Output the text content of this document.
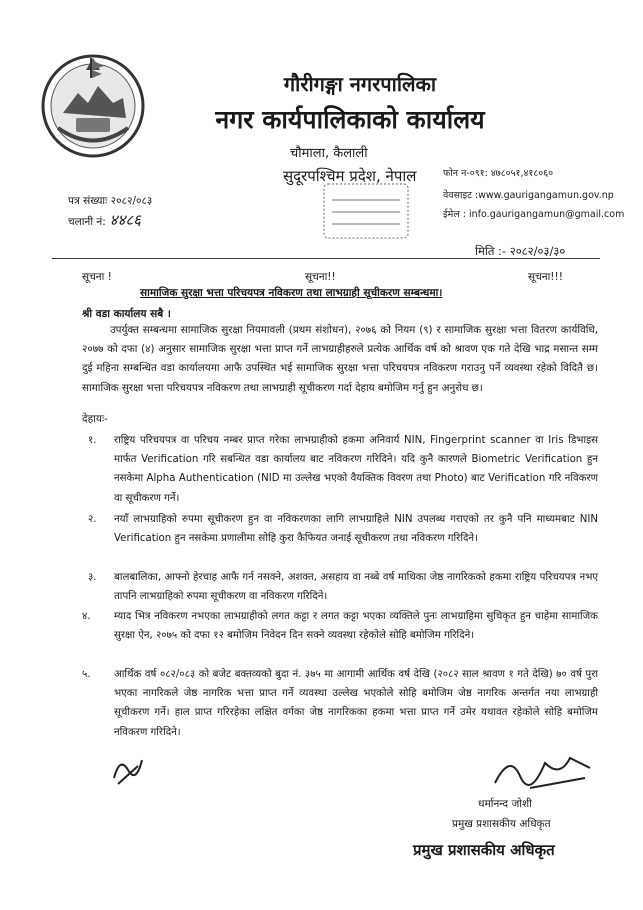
गौरीगङ्गा नगरपालिका
नगर कार्यपालिकाको कार्यालय
चौमाला, कैलाली
सुदूरपश्चिम प्रदेश, नेपाल	फोन न-०९१: ४७८०५१,४१८०६०
वेवसाइट :www.gaurigangamun.gov.np
ईमेल : info.gaurigangamun@gmail.com
पत्र संख्याः २०८२/०८३
चलानी नं: ४४८६
मिति :- २०८२/०३/३०
सूचना !	सूचना!!	सूचना!!!
सामाजिक सुरक्षा भत्ता परिचयपत्र नविकरण तथा लाभग्राही सूचीकरण सम्बन्धमा।
श्री वडा कार्यालय सबै ।
उपर्युक्त सम्बन्धमा सामाजिक सुरक्षा नियमावली (प्रथम संशोधन), २०७६ को नियम (९) र सामाजिक सुरक्षा भत्ता वितरण कार्यविधि, २०७७ को दफा (४) अनुसार सामाजिक सुरक्षा भत्ता प्राप्त गर्ने लाभग्राहीहरुले प्रत्येक आर्थिक वर्ष को श्रावण एक गते देखि भाद्र मसान्त सम्म दुई महिना सम्बन्धित वडा कार्यालयमा आफै उपस्थित भई सामाजिक सुरक्षा भत्ता परिचयपत्र नविकरण गराउनु पर्ने व्यवस्था रहेको विदितै छ। सामाजिक सुरक्षा भत्ता परिचयपत्र नविकरण तथा लाभग्राही सूचीकरण गर्दा देहाय बमोजिम गर्नु हुन अनुरोध छ।
देहायः-
१.	राष्ट्रिय परिचयपत्र वा परिचय नम्बर प्राप्त गरेका लाभग्राहीको हकमा अनिवार्य NIN, Fingerprint scanner वा Iris डिभाइस मार्फत Verification गरि सबन्धित वडा कार्यालय बाट नविकरण गरिदिने। यदि कुनै कारणले Biometric Verification हुन नसकेमा Alpha Authentication (NID मा उल्लेख भएको वैयक्तिक विवरण तथा Photo) बाट Verification गरि नविकरण वा सूचीकरण गर्ने।
२.	नयाँ लाभग्राहिको रुपमा सूचीकरण हुन वा नविकरणका लागि लाभग्राहिले NIN उपलब्ध गराएको तर कुनै पनि माध्यमबाट NIN Verification हुन नसकेमा प्रणालीमा सोहि कुरा कैफियत जनाई सूचीकरण तथा नविकरण गरिदिने।
३.	बालबालिका, आफ्नो हेरचाह आफै गर्न नसक्ने, अशक्त, असहाय वा नब्बे वर्ष माथिका जेष्ठ नागरिकको हकमा राष्ट्रिय परिचयपत्र नभए तापनि लाभग्राहिको रुपमा सूचीकरण वा नविकरण गरिदिने।
४.	म्याद भित्र नविकरण नभएका लाभग्राहीको लगत कट्टा र लगत कट्टा भएका व्यक्तिले पुनः लाभग्राहिमा सुचिकृत हुन चाहेमा सामाजिक सुरक्षा ऐन, २०७५ को दफा १२ बमोजिम निवेदन दिन सक्ने व्यवस्था रहेकोले सोहि बमोजिम गरिदिने।
५.	आर्थिक वर्ष ०८२/०८३ को बजेट बक्तव्यको बुदा नं. ३७५ मा आगामी आर्थिक वर्ष देखि (२०८२ साल श्रावण १ गते देखि) ७० वर्ष पुरा भएका नागरिकले जेष्ठ नागरिक भत्ता प्राप्त गर्ने व्यवस्था उल्लेख भएकोले सोहि बमोजिम जेष्ठ नागरिक अन्तर्गत नया लाभग्राही सूचीकरण गर्ने। हाल प्राप्त गरिरहेका लक्षित वर्गका जेष्ठ नागरिकका हकमा भत्ता प्राप्त गर्ने उमेर यथावत रहेकोले सोहि बमोजिम नविकरण गरिदिने।
धर्मानन्द जोशी
प्रमुख प्रशासकीय अधिकृत
प्रमुख प्रशासकीय अधिकृत
